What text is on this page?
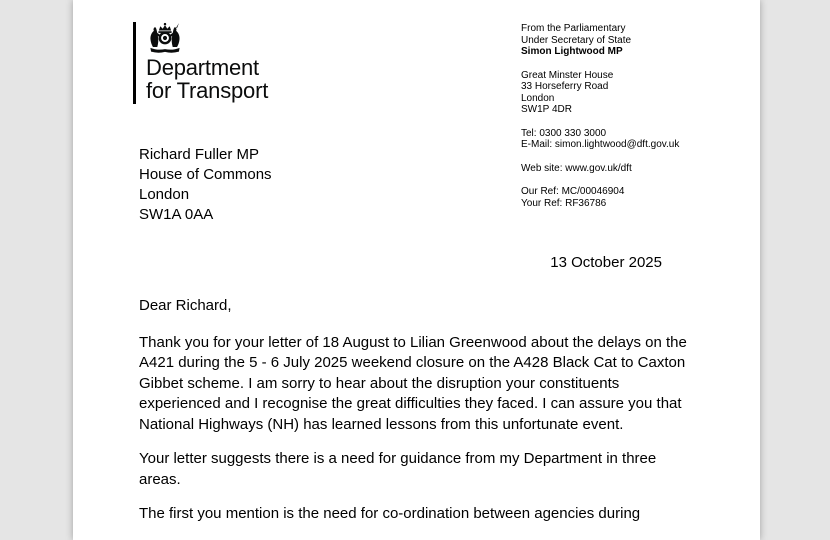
Department
for Transport
From the Parliamentary
Under Secretary of State
Simon Lightwood MP
Great Minster House
33 Horseferry Road
London
SW1P 4DR
Tel: 0300 330 3000
E-Mail: simon.lightwood@dft.gov.uk
Web site: www.gov.uk/dft
Our Ref: MC/00046904
Your Ref: RF36786
Richard Fuller MP
House of Commons
London
SW1A 0AA
13 October 2025
Dear Richard,

Thank you for your letter of 18 August to Lilian Greenwood about the delays on the A421 during the 5 - 6 July 2025 weekend closure on the A428 Black Cat to Caxton Gibbet scheme. I am sorry to hear about the disruption your constituents experienced and I recognise the great difficulties they faced. I can assure you that National Highways (NH) has learned lessons from this unfortunate event.

Your letter suggests there is a need for guidance from my Department in three areas.

The first you mention is the need for co-ordination between agencies during
